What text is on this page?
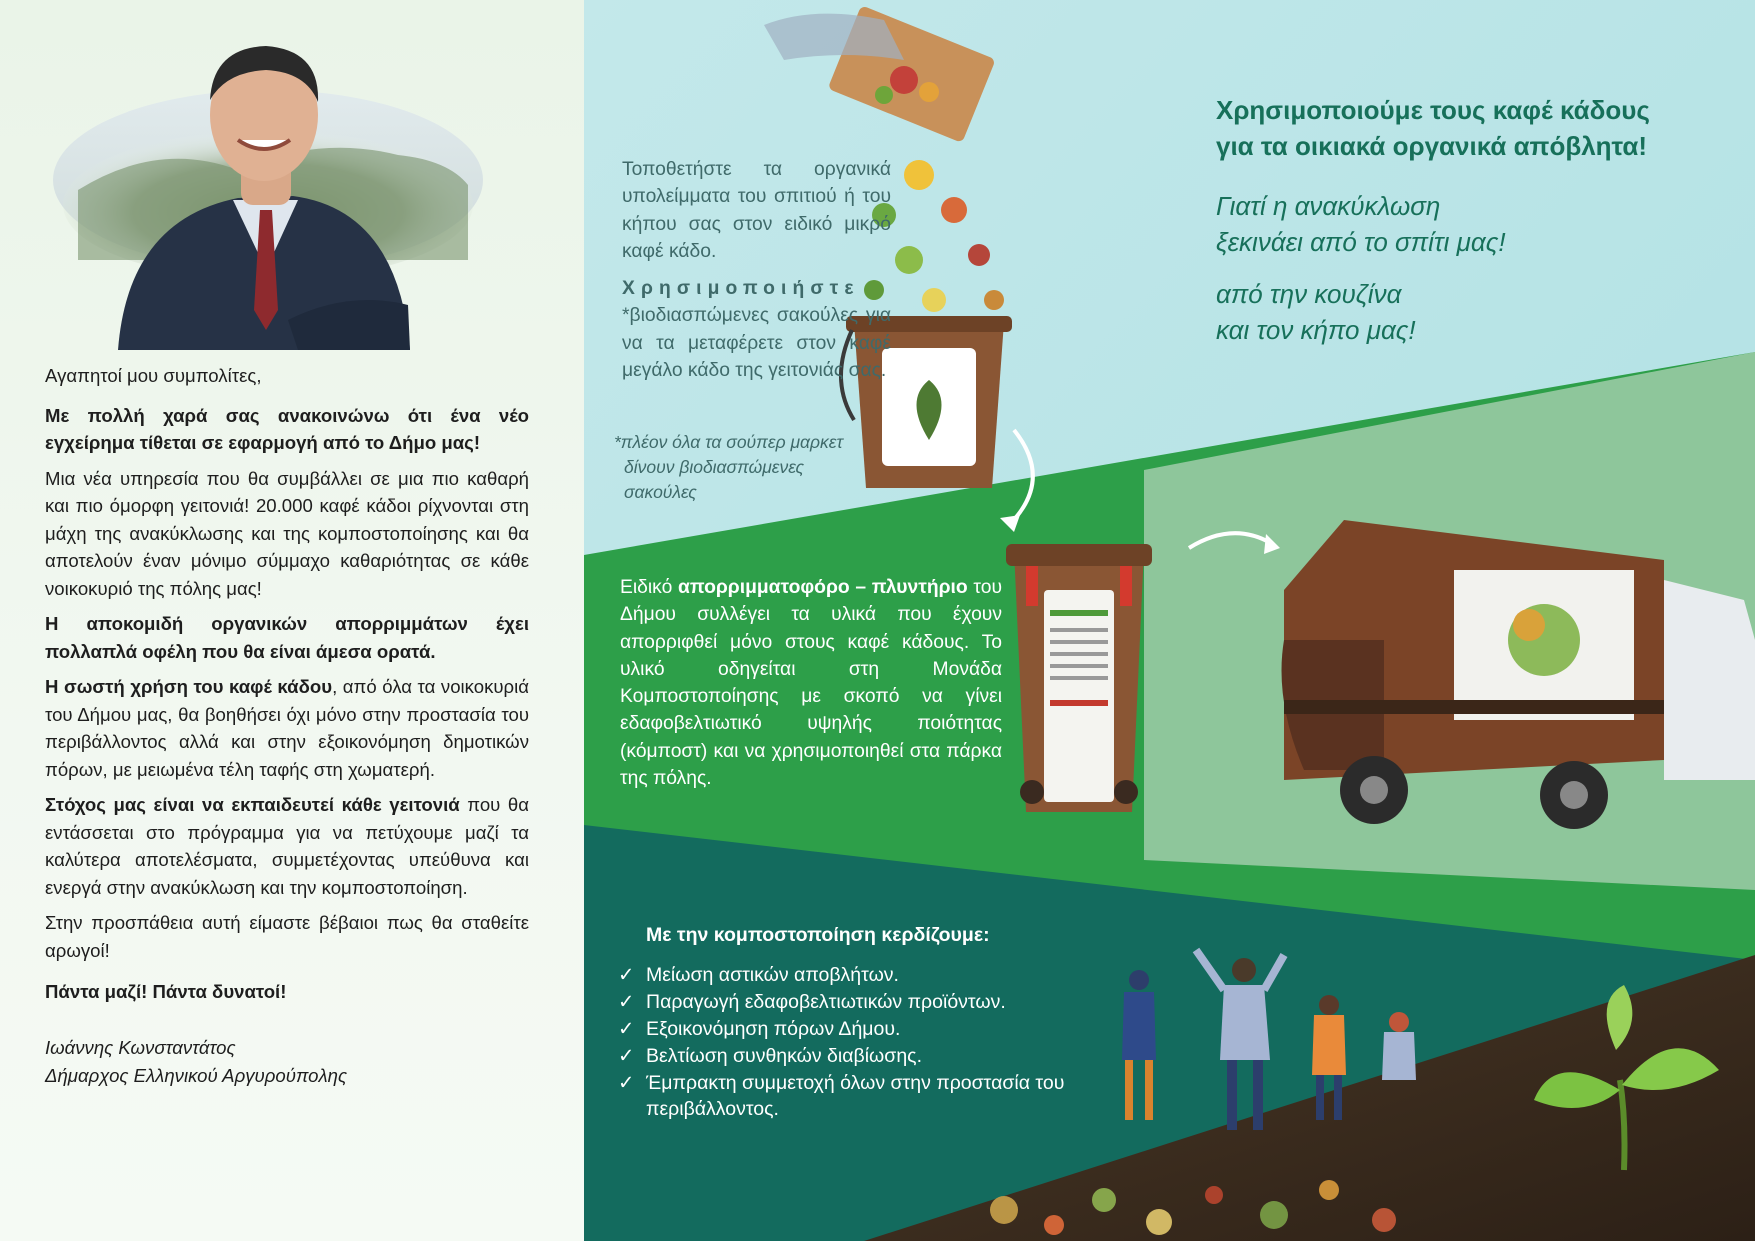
Αγαπητοί μου συμπολίτες,

Με πολλή χαρά σας ανακοινώνω ότι ένα νέο εγχείρημα τίθεται σε εφαρμογή από το Δήμο μας!

Μια νέα υπηρεσία που θα συμβάλλει σε μια πιο καθαρή και πιο όμορφη γειτονιά! 20.000 καφέ κάδοι ρίχνονται στη μάχη της ανακύκλωσης και της κομποστοποίησης και θα αποτελούν έναν μόνιμο σύμμαχο καθαριότητας σε κάθε νοικοκυριό της πόλης μας!

Η αποκομιδή οργανικών απορριμμάτων έχει πολλαπλά οφέλη που θα είναι άμεσα ορατά.

Η σωστή χρήση του καφέ κάδου, από όλα τα νοικοκυριά του Δήμου μας, θα βοηθήσει όχι μόνο στην προστασία του περιβάλλοντος αλλά και στην εξοικονόμηση δημοτικών πόρων, με μειωμένα τέλη ταφής στη χωματερή.

Στόχος μας είναι να εκπαιδευτεί κάθε γειτονιά που θα εντάσσεται στο πρόγραμμα για να πετύχουμε μαζί τα καλύτερα αποτελέσματα, συμμετέχοντας υπεύθυνα και ενεργά στην ανακύκλωση και την κομποστοποίηση.

Στην προσπάθεια αυτή είμαστε βέβαιοι πως θα σταθείτε αρωγοί!

Πάντα μαζί! Πάντα δυνατοί!

Ιωάννης Κωνσταντάτος
Δήμαρχος Ελληνικού Αργυρούπολης

Χρησιμοποιούμε τους καφέ κάδους
για τα οικιακά οργανικά απόβλητα!
Γιατί η ανακύκλωση
ξεκινάει από το σπίτι μας!
από την κουζίνα
και τον κήπο μας!

Τοποθετήστε τα οργανικά υπολείμματα του σπιτιού ή του κήπου σας στον ειδικό μικρό καφέ κάδο.

Χρησιμοποιήστε *βιοδιασπώμενες σακούλες για να τα μεταφέρετε στον καφέ μεγάλο κάδο της γειτονιάς σας.

*πλέον όλα τα σούπερ μαρκετ
δίνουν βιοδιασπώμενες
σακούλες
Ειδικό απορριμματοφόρο – πλυντήριο του Δήμου συλλέγει τα υλικά που έχουν απορριφθεί μόνο στους καφέ κάδους. Το υλικό οδηγείται στη Μονάδα Κομποστοποίησης με σκοπό να γίνει εδαφοβελτιωτικό υψηλής ποιότητας (κόμποστ) και να χρησιμοποιηθεί στα πάρκα της πόλης.
Με την κομποστοποίηση κερδίζουμε:
✓ Μείωση αστικών αποβλήτων.
✓ Παραγωγή εδαφοβελτιωτικών προϊόντων.
✓ Εξοικονόμηση πόρων Δήμου.
✓ Βελτίωση συνθηκών διαβίωσης.
✓ Έμπρακτη συμμετοχή όλων στην προστασία του περιβάλλοντος.
